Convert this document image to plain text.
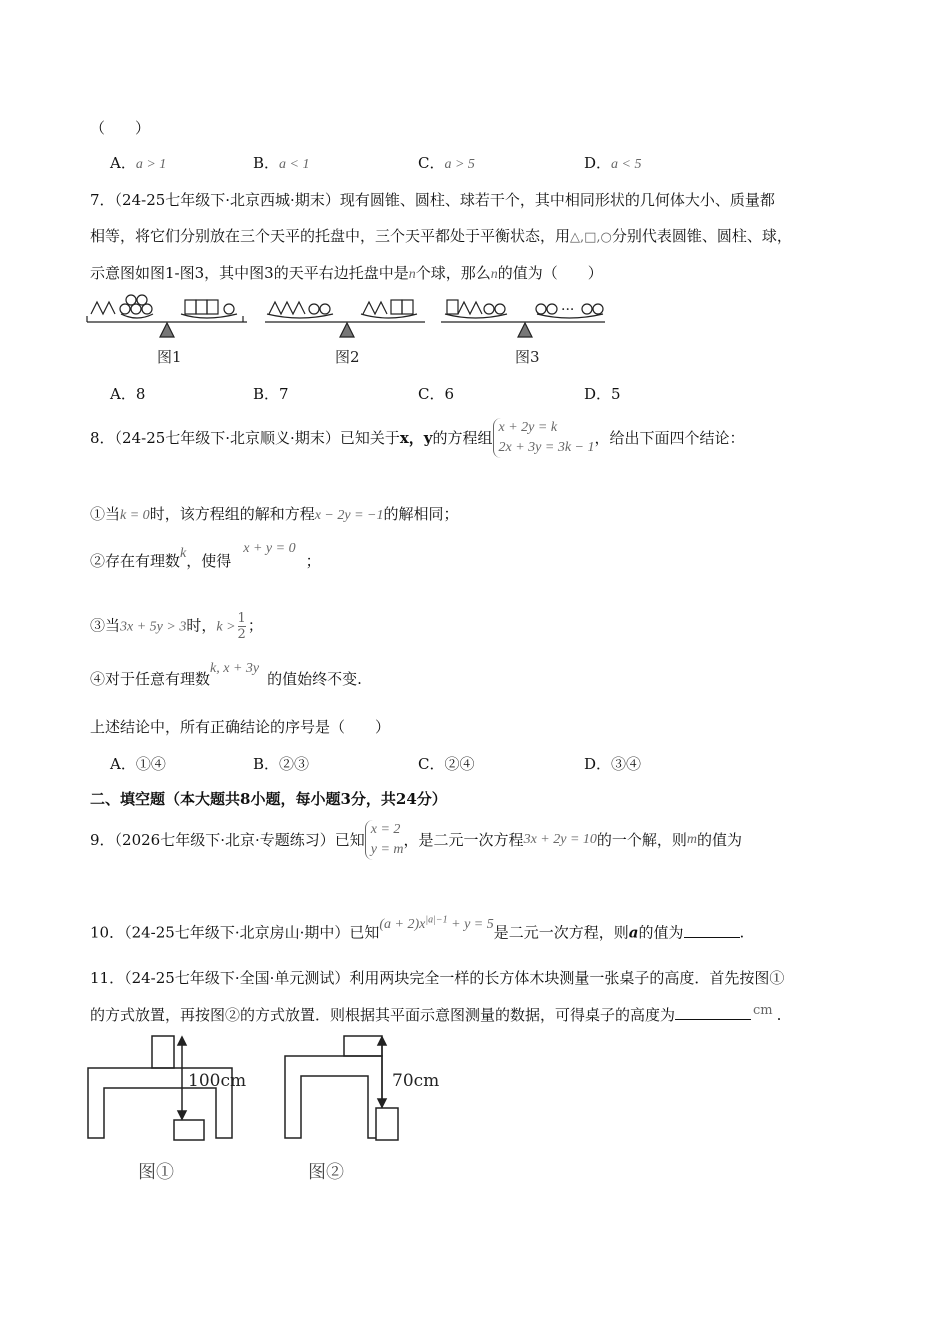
（　　）
A．a > 1	B．a < 1	C．a > 5	D．a < 5
7．（24-25七年级下·北京西城·期末）现有圆锥、圆柱、球若干个，其中相同形状的几何体大小、质量都
相等，将它们分别放在三个天平的托盘中，三个天平都处于平衡状态，用△,□,○分别代表圆锥、圆柱、球，
示意图如图1-图3，其中图3的天平右边托盘中是n个球，那么n的值为（　　）
···
图1	图2	图3
A．8	B．7	C．6	D．5
8．（24-25七年级下·北京顺义·期末）已知关于x，y的方程组
x + 2y = k
2x + 3y = 3k − 1
，给出下面四个结论：
①当k = 0时，该方程组的解和方程x − 2y = −1的解相同；
②存在有理数k，使得x + y = 0；
③当3x + 5y > 3时，$k > \frac{1}{2}$ ；
④对于任意有理数k, x + 3y的值始终不变.
上述结论中，所有正确结论的序号是（　　）
A．①④	B．②③	C．②④	D．③④
二、填空题（本大题共8小题，每小题3分，共24分）
9．（2026七年级下·北京·专题练习）已知
x = 2
y = m
，是二元一次方程3x + 2y = 10的一个解，则m的值为
10．（24-25七年级下·北京房山·期中）已知$(a + 2)x^{|a|-1} + y = 5$是二元一次方程，则a的值为	.
11．（24-25七年级下·全国·单元测试）利用两块完全一样的长方体木块测量一张桌子的高度．首先按图①
的方式放置，再按图②的方式放置．则根据其平面示意图测量的数据，可得桌子的高度为	cm .
100cm	70cm
图①	图②
